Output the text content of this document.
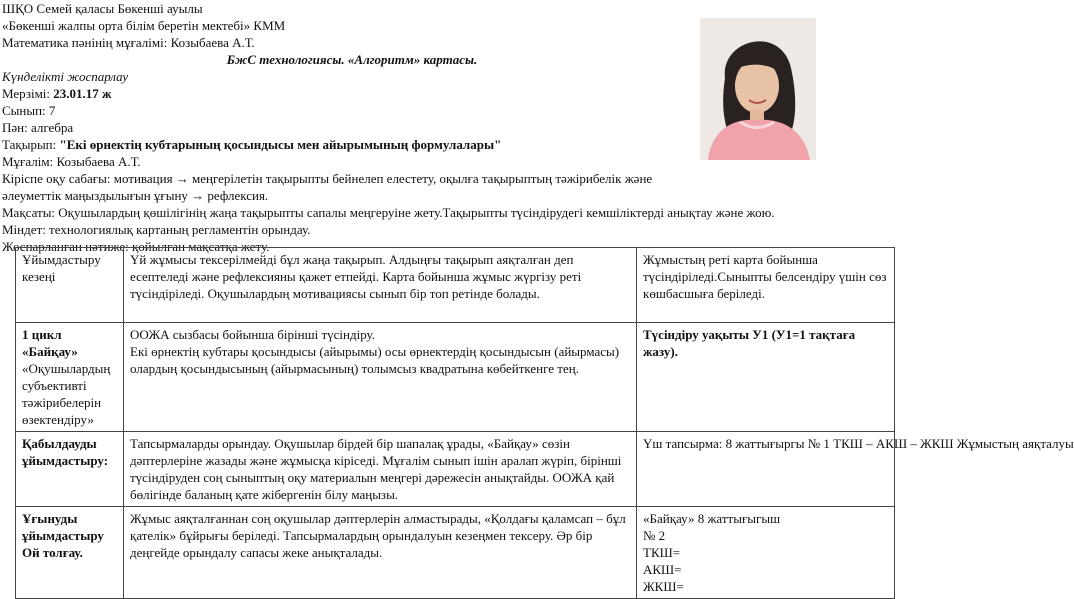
ШҚО Семей қаласы Бөкенші ауылы
«Бөкенші жалпы орта білім беретін мектебі» КММ
Математика пәнінің мұғалімі: Козыбаева А.Т.
БжС технологиясы. «Алгоритм» картасы.
Күнделікті жоспарлау
Мерзімі: 23.01.17 ж
Сынып: 7
Пән: алгебра
Тақырып: "Екі өрнектің кубтарының қосындысы мен айырымының формулалары"
Мұғалім: Козыбаева А.Т.
Кіріспе оқу сабағы: мотивация → меңгерілетін тақырыпты бейнелеп елестету, оқылға тақырыптың тәжірибелік және
әлеуметтік маңыздылығын ұғыну → рефлексия.
Мақсаты: Оқушылардың қөшілігінің жаңа тақырыпты сапалы меңгеруіне жету.Тақырыпты түсіндірудегі кемшіліктерді анықтау және жою.
Міндет: технологиялық картаның регламентін орындау.
Жоспарланған нәтиже: қойылған мақсатқа жету.
Ұйымдастыру кезеңі	Үй жұмысы тексерілмейді бұл жаңа тақырып. Алдыңғы тақырып аяқталған деп есептеледі және рефлексияны қажет етпейді. Карта бойынша жұмыс жүргізу реті түсіндіріледі. Оқушылардың мотивациясы сынып бір топ ретінде болады.	Жұмыстың реті карта бойынша түсіндіріледі.Сыныпты белсендіру үшін сөз көшбасшыға беріледі.
1 цикл «Байқау»
«Оқушылардың субъективті тәжірибелерін өзектендіру»	ООЖА сызбасы бойынша бірінші түсіндіру.
Екі өрнектің кубтары қосындысы (айырымы) осы өрнектердің қосындысын (айырмасы) олардың қосындысының (айырмасының) толымсыз квадратына көбейткенге тең.	Түсіндіру уақыты У1 (У1=1 тақтаға жазу).
Қабылдауды ұйымдастыру:	Тапсырмаларды орындау. Оқушылар бірдей бір шапалақ ұрады, «Байқау» сөзін дәптерлеріне жазады және жұмысқа кіріседі. Мұғалім сынып ішін аралап жүріп, бірінші түсіндіруден соң сыныптың оқу материалын меңгері дәрежесін анықтайды. ООЖА қай бөлігінде баланың қате жібергенін білу маңызы.	Үш тапсырма: 8 жаттығыргы № 1 ТКШ – АКШ – ЖКШ Жұмыстың аяқталуы
Ұғынуды ұйымдастыру Ой толғау.	Жұмыс аяқталғаннан соң оқушылар дәптерлерін алмастырады, «Қолдағы қаламсап – бұл қателік» бұйрығы беріледі. Тапсырмалардың орындалуын кезеңмен тексеру. Әр бір деңгейде орындалу сапасы жеке анықталады.	«Байқау» 8 жаттығыгыш
№ 2
ТКШ=
АКШ=
ЖКШ=
